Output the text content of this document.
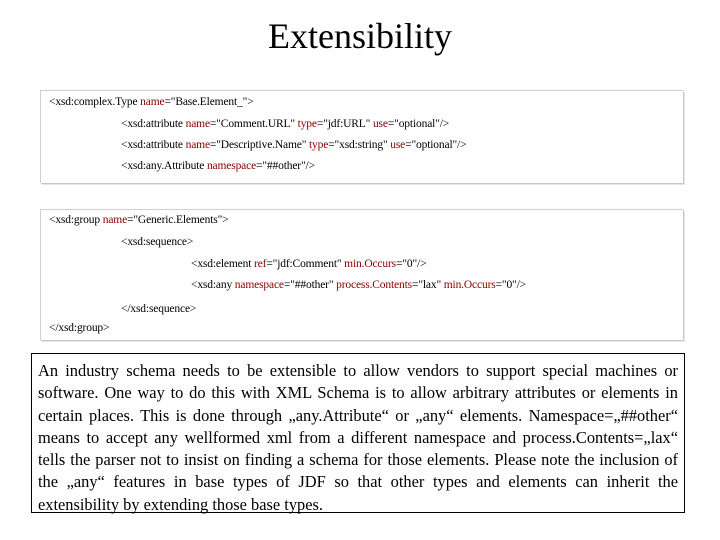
Extensibility
<xsd:complex.Type name="Base.Element_">
<xsd:attribute name="Comment.URL" type="jdf:URL" use="optional"/>
<xsd:attribute name="Descriptive.Name" type="xsd:string" use="optional"/>
<xsd:any.Attribute namespace="##other"/>
<xsd:group name="Generic.Elements">
<xsd:sequence>
<xsd:element ref="jdf:Comment" min.Occurs="0"/>
<xsd:any namespace="##other" process.Contents="lax" min.Occurs="0"/>
</xsd:sequence>
</xsd:group>
An industry schema needs to be extensible to allow vendors to support special machines or software. One way to do this with XML Schema is to allow arbitrary attributes or elements in certain places. This is done through „any.Attribute“ or „any“ elements. Namespace=„##other“ means to accept any wellformed xml from a different namespace and process.Contents=„lax“ tells the parser not to insist on finding a schema for those elements. Please note the inclusion of the „any“ features in base types of JDF so that other types and elements can inherit the extensibility by extending those base types.
